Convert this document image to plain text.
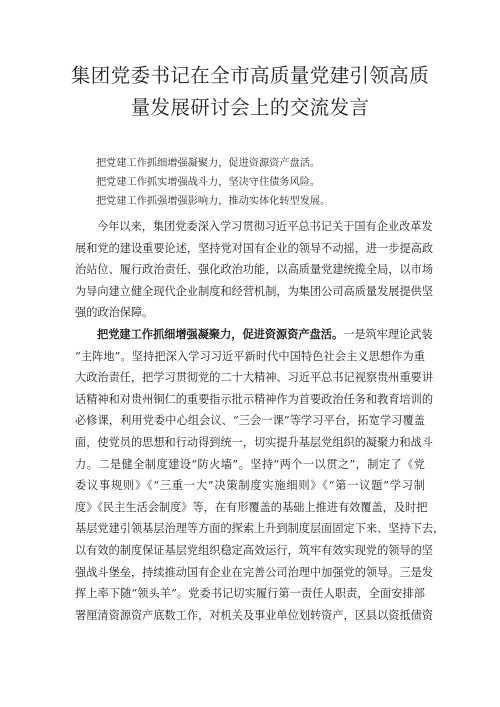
集团党委书记在全市高质量党建引领高质
量发展研讨会上的交流发言
把党建工作抓细增强凝聚力，促进资源资产盘活。
把党建工作抓实增强战斗力，坚决守住债务风险。
把党建工作抓强增强影响力，推动实体化转型发展。
今年以来，集团党委深入学习贯彻习近平总书记关于国有企业改革发
展和党的建设重要论述，坚持党对国有企业的领导不动摇，进一步提高政
治站位、履行政治责任、强化政治功能，以高质量党建统揽全局，以市场
为导向建立健全现代企业制度和经营机制，为集团公司高质量发展提供坚
强的政治保障。
把党建工作抓细增强凝聚力，促进资源资产盘活。一是筑牢理论武装
“主阵地”。坚持把深入学习习近平新时代中国特色社会主义思想作为重
大政治责任，把学习贯彻党的二十大精神、习近平总书记视察贵州重要讲
话精神和对贵州铜仁的重要指示批示精神作为首要政治任务和教育培训的
必修课，利用党委中心组会议、“三会一课”等学习平台，拓宽学习覆盖
面，使党员的思想和行动得到统一，切实提升基层党组织的凝聚力和战斗
力。二是健全制度建设“防火墙”。坚持“两个一以贯之”，制定了《党
委议事规则》《“三重一大”决策制度实施细则》《“第一议题”学习制
度》《民主生活会制度》等，在有形覆盖的基础上推进有效覆盖，及时把
基层党建引领基层治理等方面的探索上升到制度层面固定下来、坚持下去，
以有效的制度保证基层党组织稳定高效运行，筑牢有效实现党的领导的坚
强战斗堡垒，持续推动国有企业在完善公司治理中加强党的领导。三是发
挥上率下随“领头羊”。党委书记切实履行第一责任人职责，全面安排部
署厘清资源资产底数工作，对机关及事业单位划转资产，区县以资抵债资
